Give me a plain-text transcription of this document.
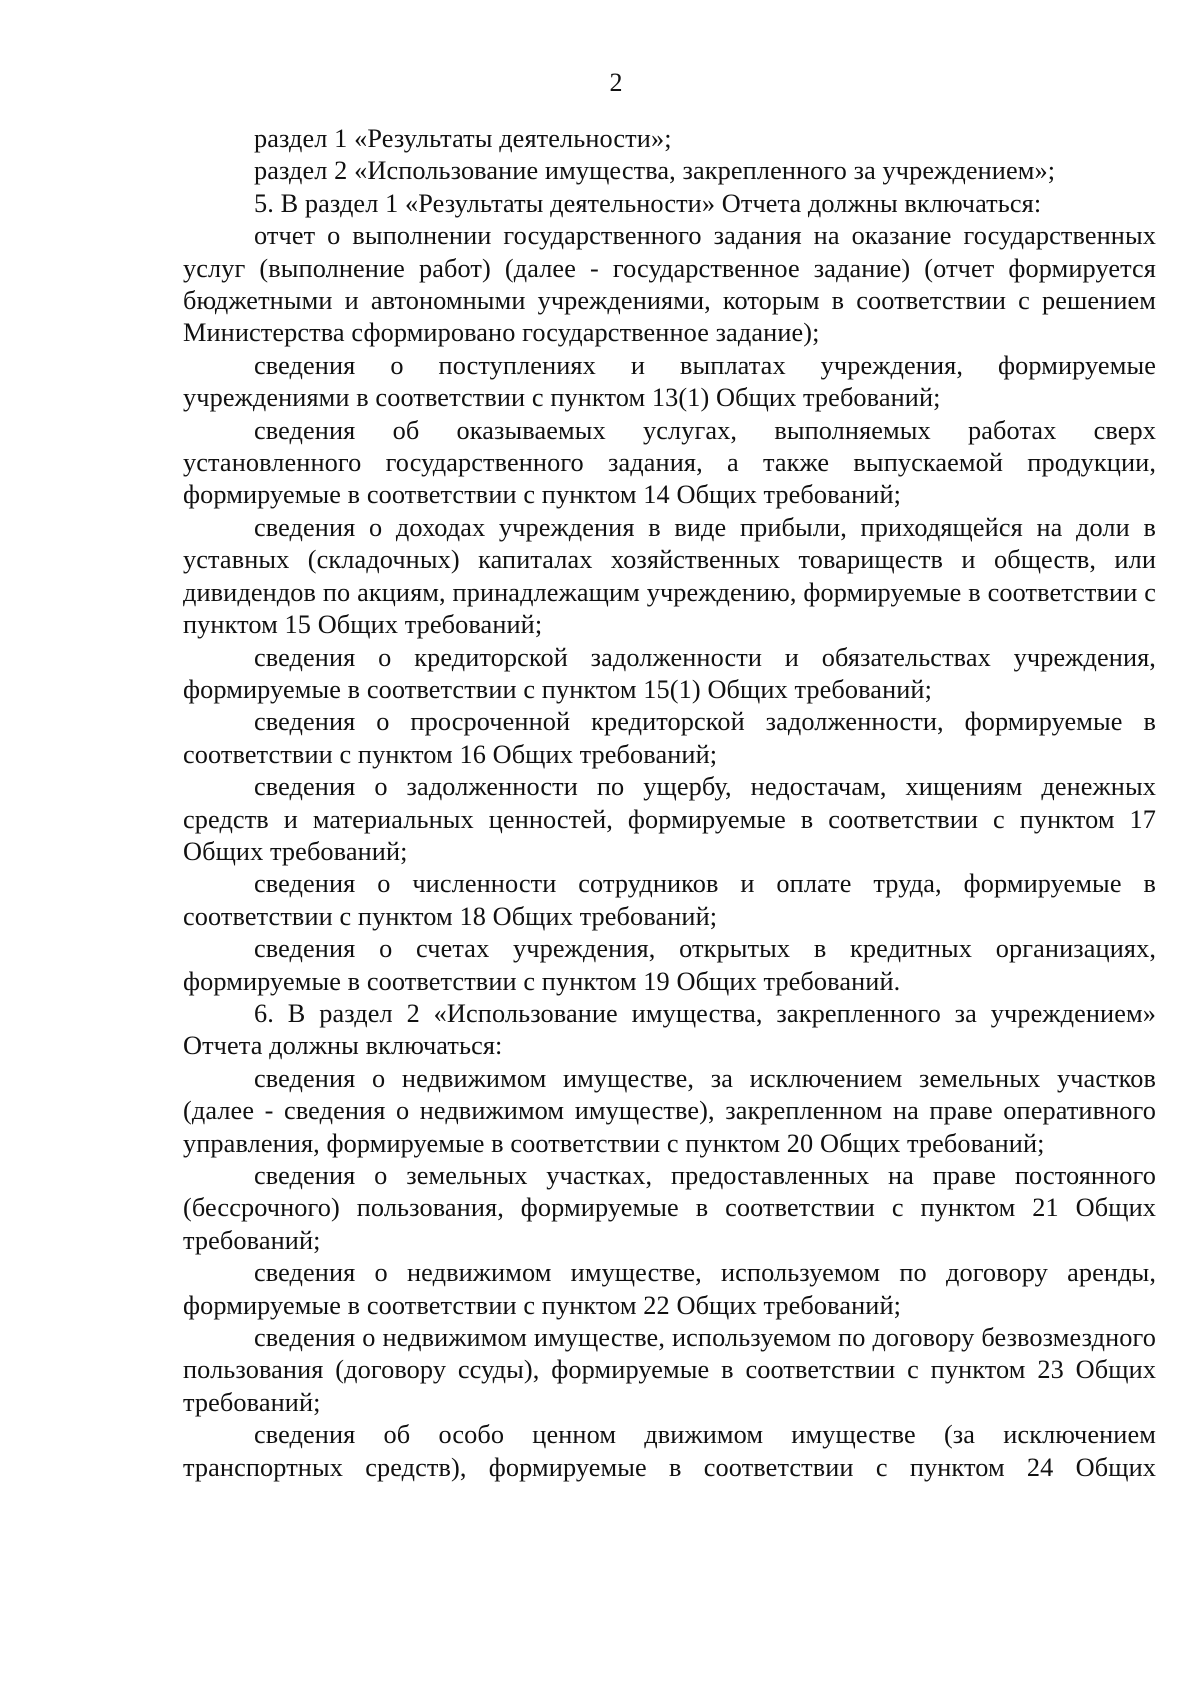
2

раздел 1 «Результаты деятельности»;

раздел 2 «Использование имущества, закрепленного за учреждением»;

5. В раздел 1 «Результаты деятельности» Отчета должны включаться:

отчет о выполнении государственного задания на оказание государственных услуг (выполнение работ) (далее - государственное задание) (отчет формируется бюджетными и автономными учреждениями, которым в соответствии с решением Министерства сформировано государственное задание);

сведения о поступлениях и выплатах учреждения, формируемые учреждениями в соответствии с пунктом 13(1) Общих требований;

сведения об оказываемых услугах, выполняемых работах сверх установленного государственного задания, а также выпускаемой продукции, формируемые в соответствии с пунктом 14 Общих требований;

сведения о доходах учреждения в виде прибыли, приходящейся на доли в уставных (складочных) капиталах хозяйственных товариществ и обществ, или дивидендов по акциям, принадлежащим учреждению, формируемые в соответствии с пунктом 15 Общих требований;

сведения о кредиторской задолженности и обязательствах учреждения, формируемые в соответствии с пунктом 15(1) Общих требований;

сведения о просроченной кредиторской задолженности, формируемые в соответствии с пунктом 16 Общих требований;

сведения о задолженности по ущербу, недостачам, хищениям денежных средств и материальных ценностей, формируемые в соответствии с пунктом 17 Общих требований;

сведения о численности сотрудников и оплате труда, формируемые в соответствии с пунктом 18 Общих требований;

сведения о счетах учреждения, открытых в кредитных организациях, формируемые в соответствии с пунктом 19 Общих требований.

6. В раздел 2 «Использование имущества, закрепленного за учреждением» Отчета должны включаться:

сведения о недвижимом имуществе, за исключением земельных участков (далее - сведения о недвижимом имуществе), закрепленном на праве оперативного управления, формируемые в соответствии с пунктом 20 Общих требований;

сведения о земельных участках, предоставленных на праве постоянного (бессрочного) пользования, формируемые в соответствии с пунктом 21 Общих требований;

сведения о недвижимом имуществе, используемом по договору аренды, формируемые в соответствии с пунктом 22 Общих требований;

сведения о недвижимом имуществе, используемом по договору безвозмездного пользования (договору ссуды), формируемые в соответствии с пунктом 23 Общих требований;

сведения об особо ценном движимом имуществе (за исключением транспортных средств), формируемые в соответствии с пунктом 24 Общих
